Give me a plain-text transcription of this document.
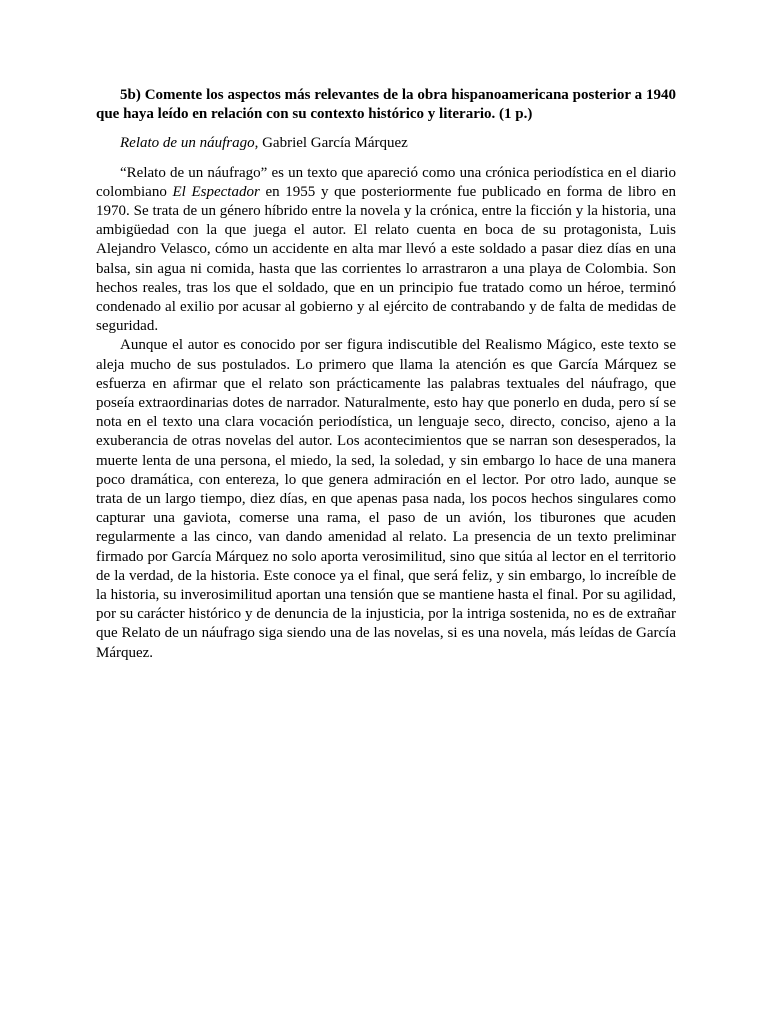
5b) Comente los aspectos más relevantes de la obra hispanoamericana posterior a 1940 que haya leído en relación con su contexto histórico y literario. (1 p.)

Relato de un náufrago, Gabriel García Márquez

“Relato de un náufrago” es un texto que apareció como una crónica periodística en el diario colombiano El Espectador en 1955 y que posteriormente fue publicado en forma de libro en 1970. Se trata de un género híbrido entre la novela y la crónica, entre la ficción y la historia, una ambigüedad con la que juega el autor. El relato cuenta en boca de su protagonista, Luis Alejandro Velasco, cómo un accidente en alta mar llevó a este soldado a pasar diez días en una balsa, sin agua ni comida, hasta que las corrientes lo arrastraron a una playa de Colombia. Son hechos reales, tras los que el soldado, que en un principio fue tratado como un héroe, terminó condenado al exilio por acusar al gobierno y al ejército de contrabando y de falta de medidas de seguridad.

Aunque el autor es conocido por ser figura indiscutible del Realismo Mágico, este texto se aleja mucho de sus postulados. Lo primero que llama la atención es que García Márquez se esfuerza en afirmar que el relato son prácticamente las palabras textuales del náufrago, que poseía extraordinarias dotes de narrador. Naturalmente, esto hay que ponerlo en duda, pero sí se nota en el texto una clara vocación periodística, un lenguaje seco, directo, conciso, ajeno a la exuberancia de otras novelas del autor. Los acontecimientos que se narran son desesperados, la muerte lenta de una persona, el miedo, la sed, la soledad, y sin embargo lo hace de una manera poco dramática, con entereza, lo que genera admiración en el lector. Por otro lado, aunque se trata de un largo tiempo, diez días, en que apenas pasa nada, los pocos hechos singulares como capturar una gaviota, comerse una rama, el paso de un avión, los tiburones que acuden regularmente a las cinco, van dando amenidad al relato. La presencia de un texto preliminar firmado por García Márquez no solo aporta verosimilitud, sino que sitúa al lector en el territorio de la verdad, de la historia. Este conoce ya el final, que será feliz, y sin embargo, lo increíble de la historia, su inverosimilitud aportan una tensión que se mantiene hasta el final. Por su agilidad, por su carácter histórico y de denuncia de la injusticia, por la intriga sostenida, no es de extrañar que Relato de un náufrago siga siendo una de las novelas, si es una novela, más leídas de García Márquez.
